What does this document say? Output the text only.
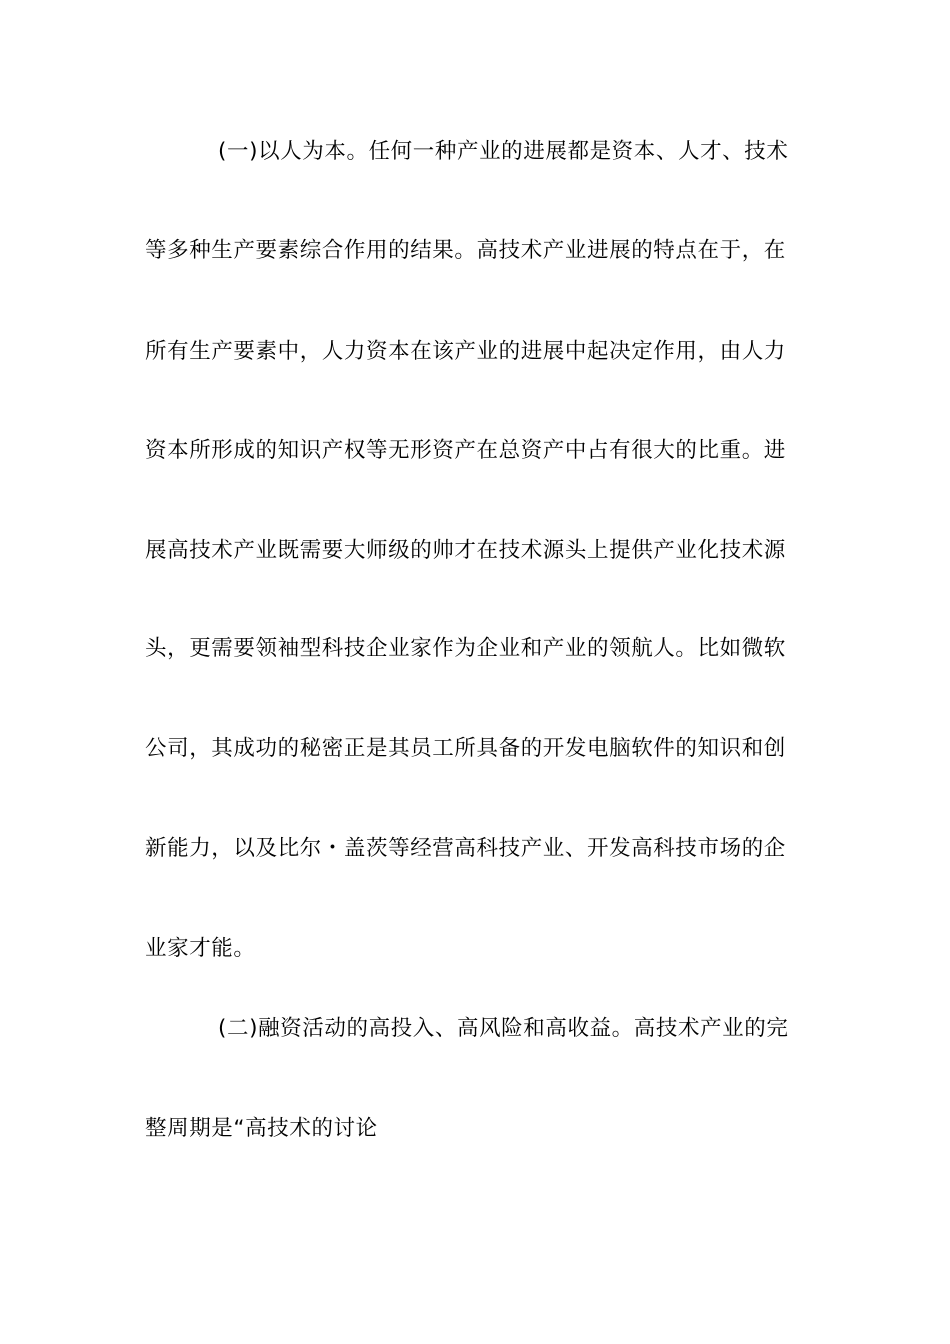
(一)以人为本。任何一种产业的进展都是资本、人才、技术
等多种生产要素综合作用的结果。高技术产业进展的特点在于，在
所有生产要素中，人力资本在该产业的进展中起决定作用，由人力
资本所形成的知识产权等无形资产在总资产中占有很大的比重。进
展高技术产业既需要大师级的帅才在技术源头上提供产业化技术源
头，更需要领袖型科技企业家作为企业和产业的领航人。比如微软
公司，其成功的秘密正是其员工所具备的开发电脑软件的知识和创
新能力，以及比尔・盖茨等经营高科技产业、开发高科技市场的企
业家才能。
(二)融资活动的高投入、高风险和高收益。高技术产业的完
整周期是“高技术的讨论
